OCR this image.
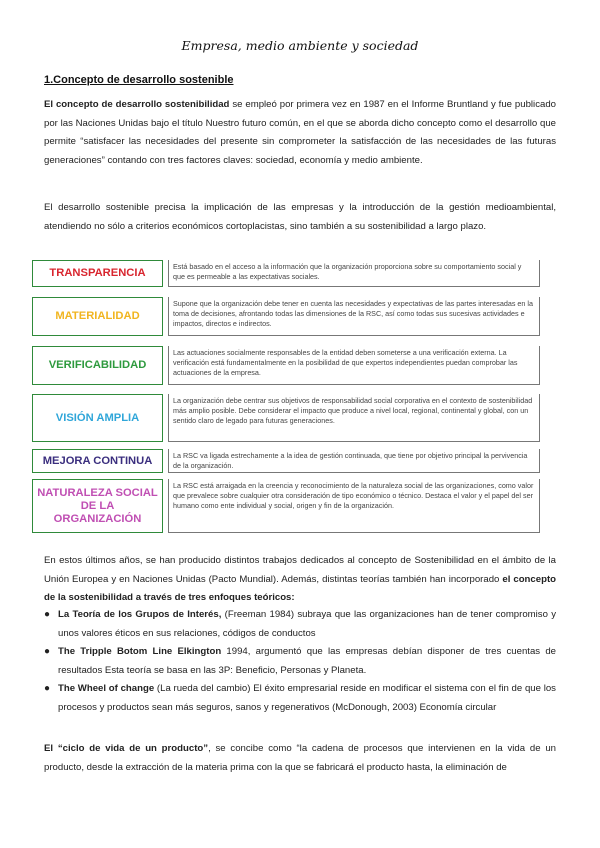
Empresa, medio ambiente y sociedad
1.Concepto de desarrollo sostenible
El concepto de desarrollo sostenibilidad se empleó por primera vez en 1987 en el Informe Bruntland y fue publicado por las Naciones Unidas bajo el título Nuestro futuro común, en el que se aborda dicho concepto como el desarrollo que permite “satisfacer las necesidades del presente sin comprometer la satisfacción de las necesidades de las futuras generaciones” contando con tres factores claves: sociedad, economía y medio ambiente.
El desarrollo sostenible precisa la implicación de las empresas y la introducción de la gestión medioambiental, atendiendo no sólo a criterios económicos cortoplacistas, sino también a su sostenibilidad a largo plazo.
TRANSPARENCIA
Está basado en el acceso a la información que la organización proporciona sobre su comportamiento social y que es permeable a las expectativas sociales.
MATERIALIDAD
Supone que la organización debe tener en cuenta las necesidades y expectativas de las partes interesadas en la toma de decisiones, afrontando todas las dimensiones de la RSC, así como todas sus sucesivas actividades e impactos, directos e indirectos.
VERIFICABILIDAD
Las actuaciones socialmente responsables de la entidad deben someterse a una verificación externa. La verificación está fundamentalmente en la posibilidad de que expertos independientes puedan comprobar las actuaciones de la empresa.
VISIÓN AMPLIA
La organización debe centrar sus objetivos de responsabilidad social corporativa en el contexto de sostenibilidad más amplio posible. Debe considerar el impacto que produce a nivel local, regional, continental y global, con un sentido claro de legado para futuras generaciones.
MEJORA CONTINUA	La RSC va ligada estrechamente a la idea de gestión continuada, que tiene por objetivo principal la pervivencia de la organización.
NATURALEZA SOCIAL DE LA ORGANIZACIÓN
La RSC está arraigada en la creencia y reconocimiento de la naturaleza social de las organizaciones, como valor que prevalece sobre cualquier otra consideración de tipo económico o técnico. Destaca el valor y el papel del ser humano como ente individual y social, origen y fin de la organización.
En estos últimos años, se han producido distintos trabajos dedicados al concepto de Sostenibilidad en el ámbito de la Unión Europea y en Naciones Unidas (Pacto Mundial). Además, distintas teorías también han incorporado el concepto de la sostenibilidad a través de tres enfoques teóricos:
● La Teoría de los Grupos de Interés, (Freeman 1984) subraya que las organizaciones han de tener compromiso y unos valores éticos en sus relaciones, códigos de conductos
● The Tripple Botom Line Elkington 1994, argumentó que las empresas debían disponer de tres cuentas de resultados Esta teoría se basa en las 3P: Beneficio, Personas y Planeta.
● The Wheel of change (La rueda del cambio) El éxito empresarial reside en modificar el sistema con el fin de que los procesos y productos sean más seguros, sanos y regenerativos (McDonough, 2003) Economía circular
El “ciclo de vida de un producto”, se concibe como “la cadena de procesos que intervienen en la vida de un producto, desde la extracción de la materia prima con la que se fabricará el producto hasta, la eliminación de
